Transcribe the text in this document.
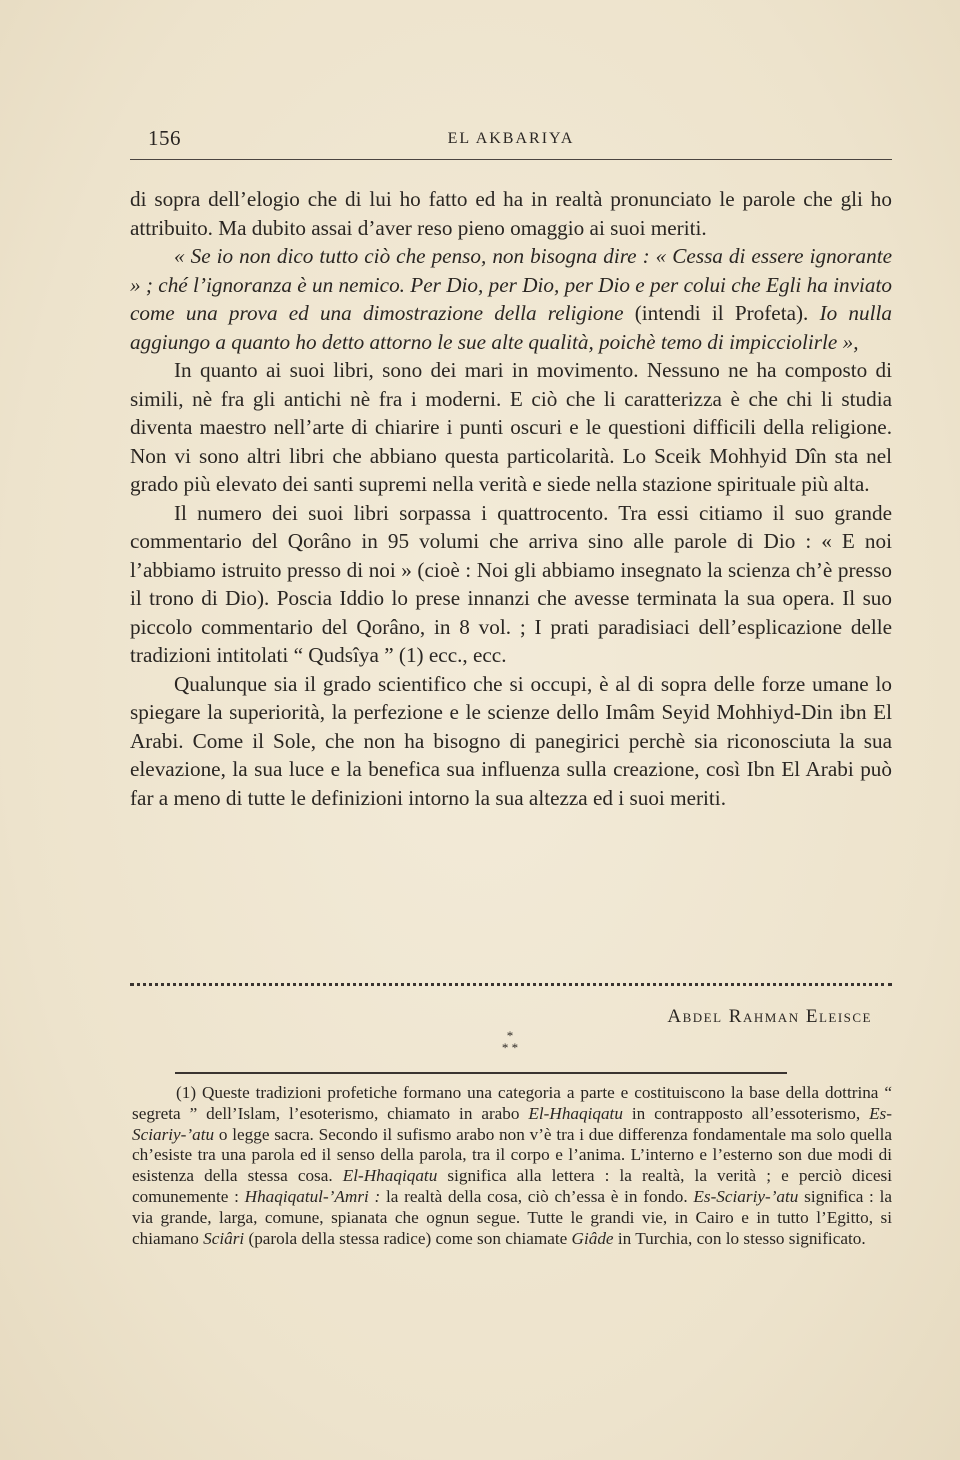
156	EL AKBARIYA

di sopra dell’elogio che di lui ho fatto ed ha in realtà pronunciato le parole che gli ho attribuito. Ma dubito assai d’aver reso pieno omaggio ai suoi meriti.

« Se io non dico tutto ciò che penso, non bisogna dire : « Cessa di essere ignorante » ; ché l’ignoranza è un nemico. Per Dio, per Dio, per Dio e per colui che Egli ha inviato come una prova ed una dimostrazione della religione (intendi il Profeta). Io nulla aggiungo a quanto ho detto attorno le sue alte qualità, poichè temo di impicciolirle »,

In quanto ai suoi libri, sono dei mari in movimento. Nessuno ne ha composto di simili, nè fra gli antichi nè fra i moderni. E ciò che li caratterizza è che chi li studia diventa maestro nell’arte di chiarire i punti oscuri e le questioni difficili della religione. Non vi sono altri libri che abbiano questa particolarità. Lo Sceik Mohhyid Dîn sta nel grado più elevato dei santi supremi nella verità e siede nella stazione spirituale più alta.

Il numero dei suoi libri sorpassa i quattrocento. Tra essi citiamo il suo grande commentario del Qorâno in 95 volumi che arriva sino alle parole di Dio : « E noi l’abbiamo istruito presso di noi » (cioè : Noi gli abbiamo insegnato la scienza ch’è presso il trono di Dio). Poscia Iddio lo prese innanzi che avesse terminata la sua opera. Il suo piccolo commentario del Qorâno, in 8 vol. ; I prati paradisiaci dell’esplicazione delle tradizioni intitolati “ Qudsîya ” (1) ecc., ecc.

Qualunque sia il grado scientifico che si occupi, è al di sopra delle forze umane lo spiegare la superiorità, la perfezione e le scienze dello Imâm Seyid Mohhiyd-Din ibn El Arabi. Come il Sole, che non ha bisogno di panegirici perchè sia riconosciuta la sua elevazione, la sua luce e la benefica sua influenza sulla creazione, così Ibn El Arabi può far a meno di tutte le definizioni intorno la sua altezza ed i suoi meriti.

Abdel Rahman Eleisce
*
* *

(1) Queste tradizioni profetiche formano una categoria a parte e costituiscono la base della dottrina “ segreta ” dell’Islam, l’esoterismo, chiamato in arabo El-Hhaqiqatu in contrapposto all’essoterismo, Es-Sciariy-’atu o legge sacra. Secondo il sufismo arabo non v’è tra i due differenza fondamentale ma solo quella ch’esiste tra una parola ed il senso della parola, tra il corpo e l’anima. L’interno e l’esterno son due modi di esistenza della stessa cosa. El-Hhaqiqatu significa alla lettera : la realtà, la verità ; e perciò dicesi comunemente : Hhaqiqatul-’Amri : la realtà della cosa, ciò ch’essa è in fondo. Es-Sciariy-’atu significa : la via grande, larga, comune, spianata che ognun segue. Tutte le grandi vie, in Cairo e in tutto l’Egitto, si chiamano Sciâri (parola della stessa radice) come son chiamate Giâde in Turchia, con lo stesso significato.
